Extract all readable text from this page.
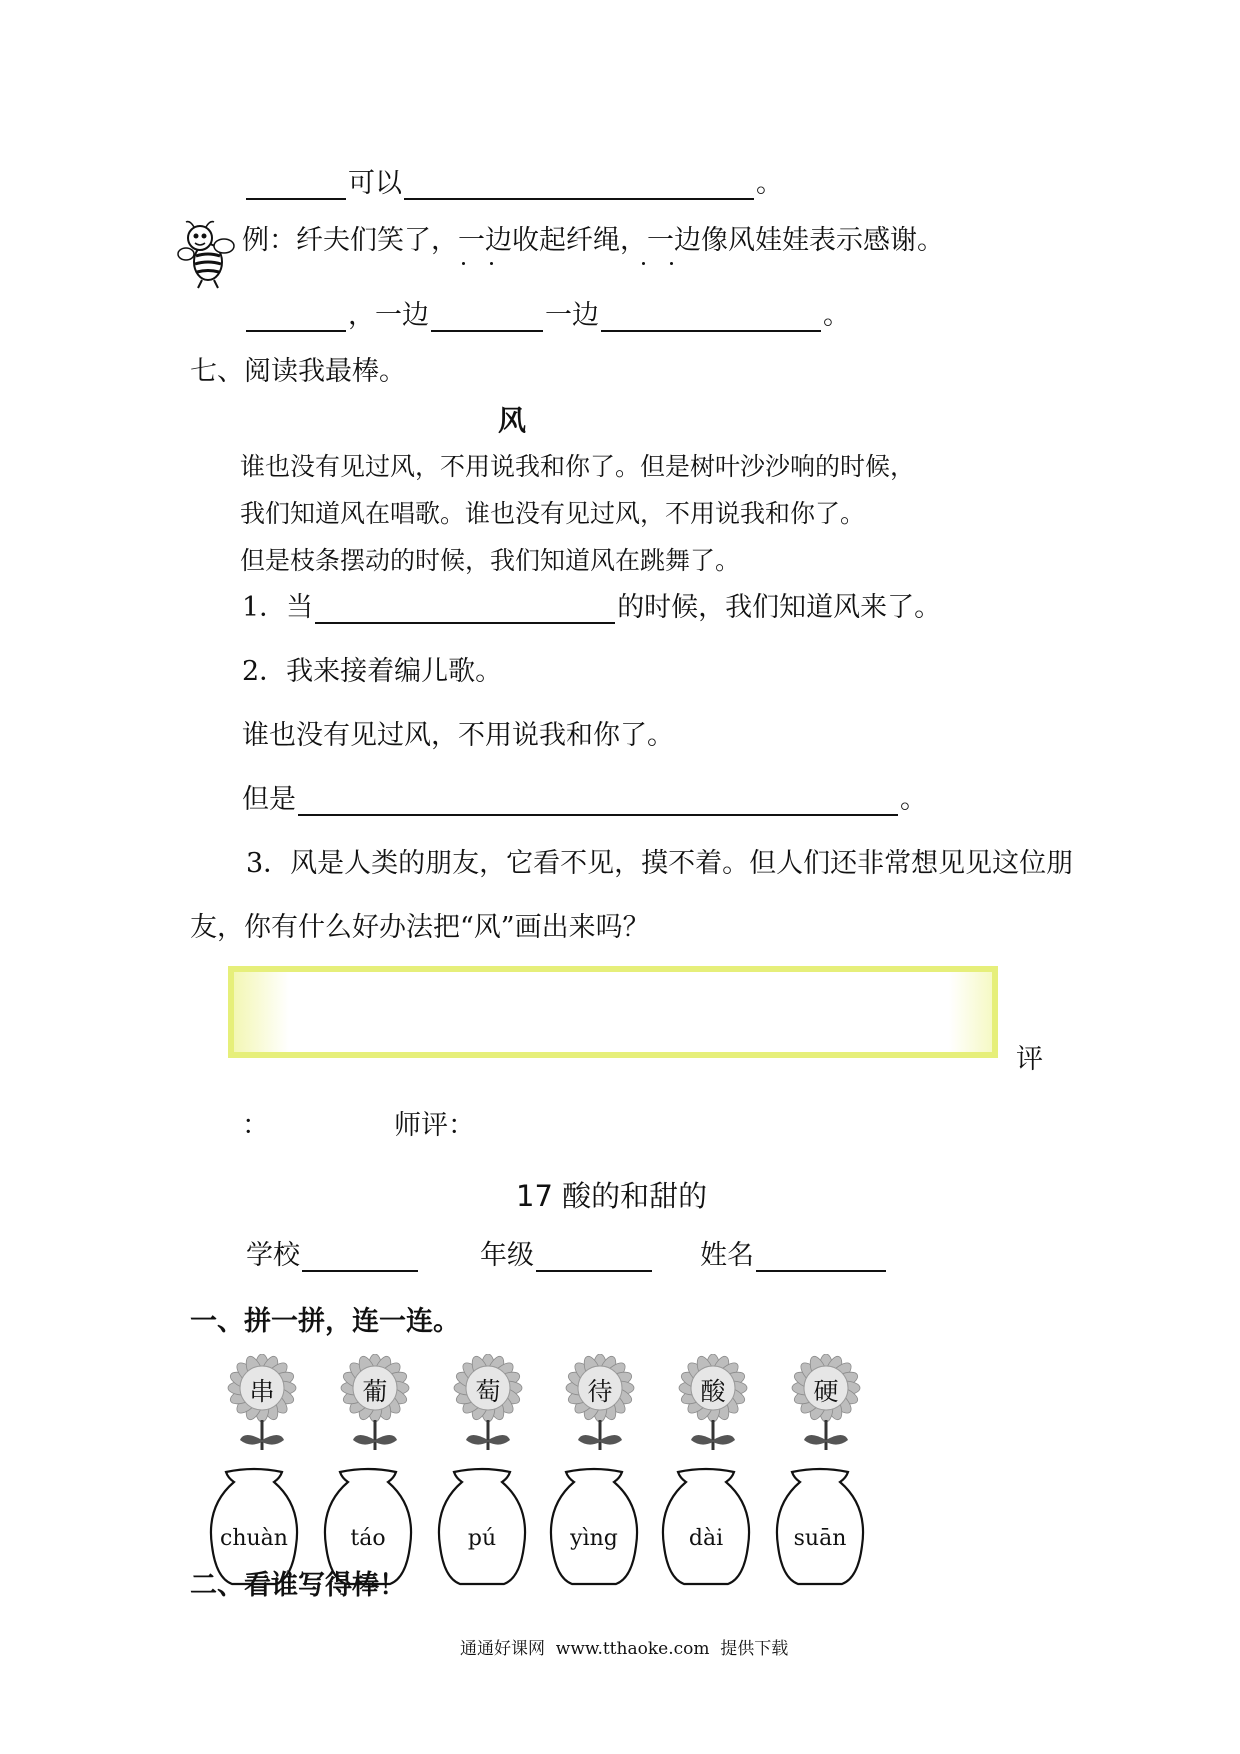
可以	。
例：纤夫们笑了，一边收起纤绳，一边像风娃娃表示感谢。
，一边	一边	。
七、阅读我最棒。
风
谁也没有见过风，不用说我和你了。但是树叶沙沙响的时候，
我们知道风在唱歌。谁也没有见过风，不用说我和你了。
但是枝条摆动的时候，我们知道风在跳舞了。
1．当	的时候，我们知道风来了。
2．我来接着编儿歌。
谁也没有见过风，不用说我和你了。
但是	。
3．风是人类的朋友，它看不见，摸不着。但人们还非常想见见这位朋
友，你有什么好办法把“风”画出来吗？
评
：	师评：
17 酸的和甜的
学校	年级	姓名
一、拼一拼，连一连。
串	葡	萄	待	酸	硬
chuàn	táo	pú	yìng	dài	suān
二、看谁写得棒！
通通好课网  www.tthaoke.com  提供下载
